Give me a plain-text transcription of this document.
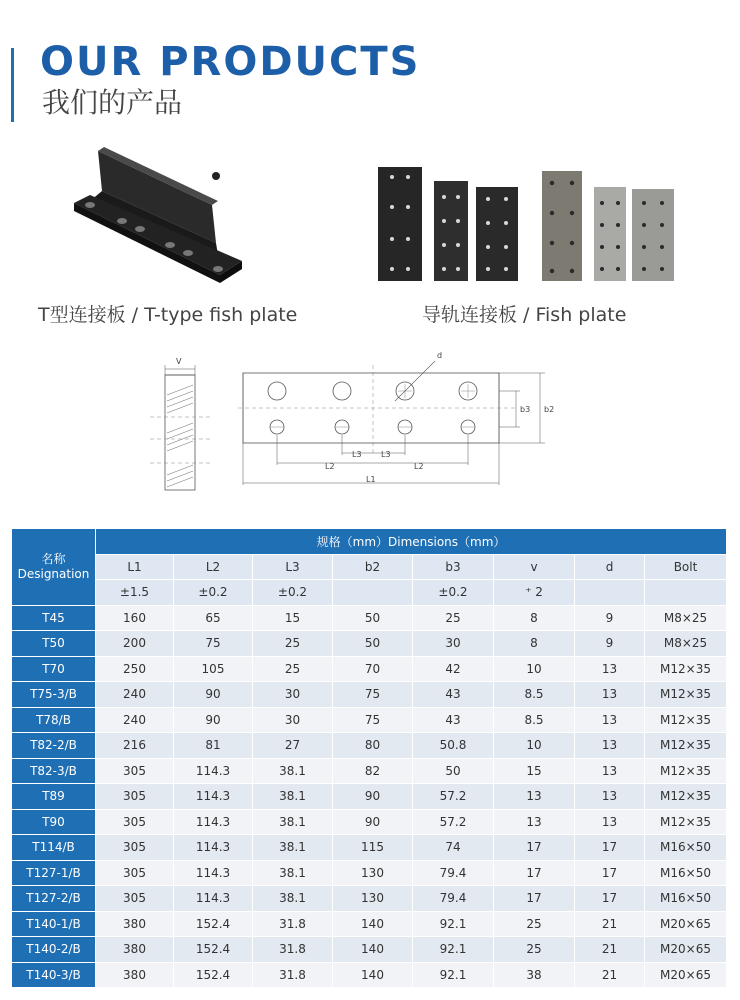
OUR PRODUCTS
我们的产品
T型连接板 / T-type fish plate	导轨连接板 / Fish plate
V
d
b3 b2
L1
L2	L2
L3 L3
名称
Designation	规格（mm）Dimensions（mm）							
	L1	L2	L3	b2	b3	v	d	Bolt
	±1.5	±0.2	±0.2		±0.2	⁺ 2		
T45	160	65	15	50	25	8	9	M8×25
T50	200	75	25	50	30	8	9	M8×25
T70	250	105	25	70	42	10	13	M12×35
T75-3/B	240	90	30	75	43	8.5	13	M12×35
T78/B	240	90	30	75	43	8.5	13	M12×35
T82-2/B	216	81	27	80	50.8	10	13	M12×35
T82-3/B	305	114.3	38.1	82	50	15	13	M12×35
T89	305	114.3	38.1	90	57.2	13	13	M12×35
T90	305	114.3	38.1	90	57.2	13	13	M12×35
T114/B	305	114.3	38.1	115	74	17	17	M16×50
T127-1/B	305	114.3	38.1	130	79.4	17	17	M16×50
T127-2/B	305	114.3	38.1	130	79.4	17	17	M16×50
T140-1/B	380	152.4	31.8	140	92.1	25	21	M20×65
T140-2/B	380	152.4	31.8	140	92.1	25	21	M20×65
T140-3/B	380	152.4	31.8	140	92.1	38	21	M20×65
